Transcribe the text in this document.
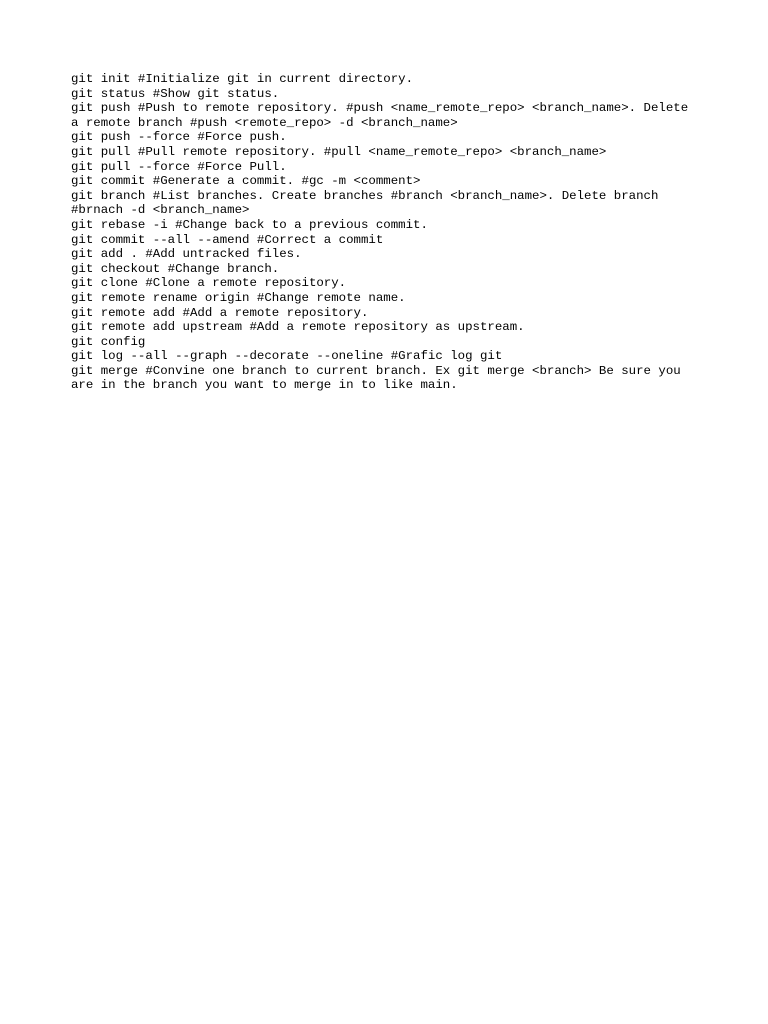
git init #Initialize git in current directory.
git status #Show git status.
git push #Push to remote repository. #push <name_remote_repo> <branch_name>. Delete
a remote branch #push <remote_repo> -d <branch_name>
git push --force #Force push.
git pull #Pull remote repository. #pull <name_remote_repo> <branch_name>
git pull --force #Force Pull.
git commit #Generate a commit. #gc -m <comment>
git branch #List branches. Create branches #branch <branch_name>. Delete branch
#brnach -d <branch_name>
git rebase -i #Change back to a previous commit.
git commit --all --amend #Correct a commit
git add . #Add untracked files.
git checkout #Change branch.
git clone #Clone a remote repository.
git remote rename origin #Change remote name.
git remote add #Add a remote repository.
git remote add upstream #Add a remote repository as upstream.
git config
git log --all --graph --decorate --oneline #Grafic log git
git merge #Convine one branch to current branch. Ex git merge <branch> Be sure you
are in the branch you want to merge in to like main.
